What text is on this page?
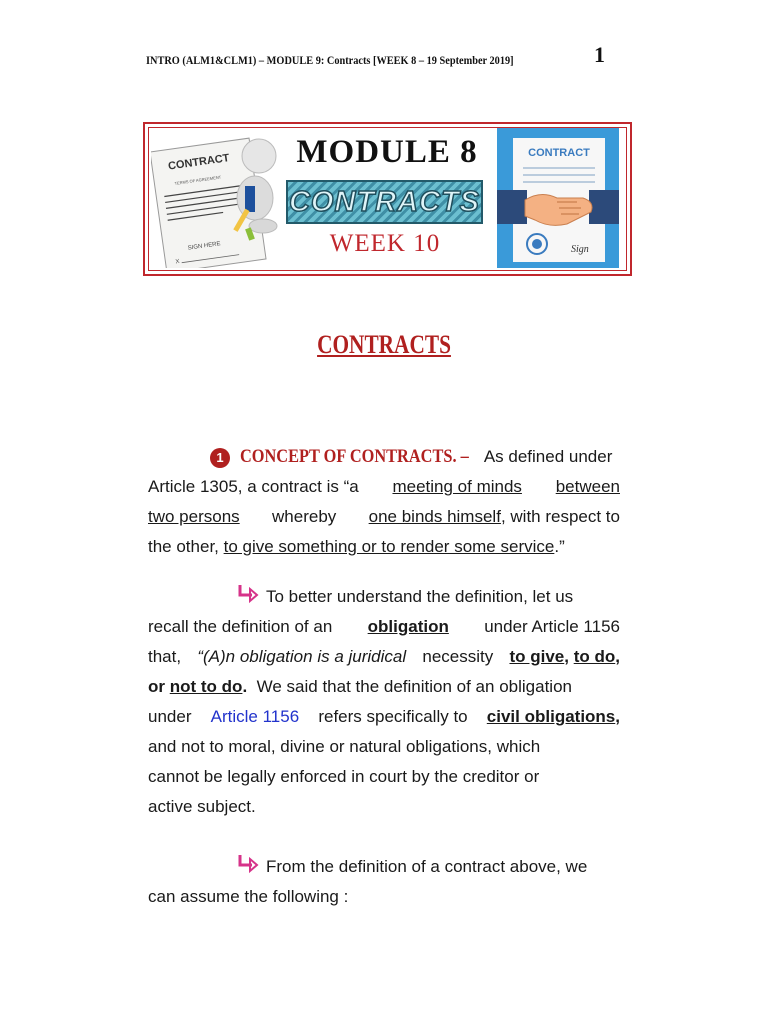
INTRO (ALM1&CLM1) – MODULE 9: Contracts [WEEK 8 – 19 September 2019]	1
CONTRACT
TERMS OF AGREEMENT
SIGN HERE
X
MODULE 8
CONTRACTS
WEEK 10
CONTRACT
Sign
CONTRACTS
1 CONCEPT OF CONTRACTS. – As defined under
Article 1305, a contract is “a meeting of minds between
two persons whereby one binds himself, with respect to
the other, to give something or to render some service.”
To better understand the definition, let us
recall the definition of an obligation under Article 1156
that, “(A)n obligation is a juridical necessity to give, to do,
or not to do. We said that the definition of an obligation
under Article 1156 refers specifically to civil obligations,
and not to moral, divine or natural obligations, which
cannot be legally enforced in court by the creditor or
active subject.
From the definition of a contract above, we
can assume the following :
